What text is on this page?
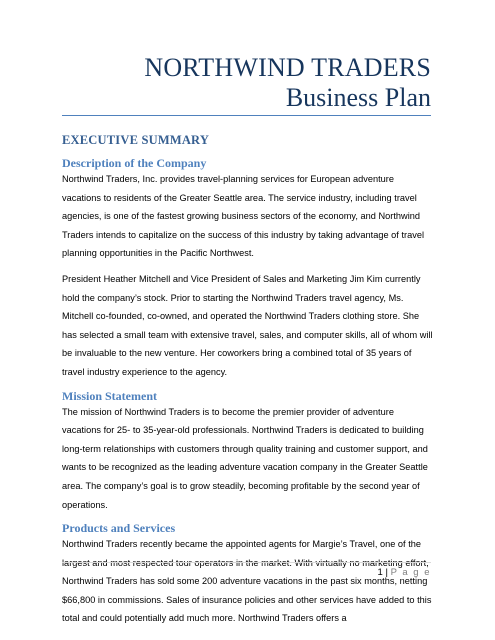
NORTHWIND TRADERS
Business Plan
EXECUTIVE SUMMARY
Description of the Company

Northwind Traders, Inc. provides travel-planning services for European adventure vacations to residents of the Greater Seattle area. The service industry, including travel agencies, is one of the fastest growing business sectors of the economy, and Northwind Traders intends to capitalize on the success of this industry by taking advantage of travel planning opportunities in the Pacific Northwest.

President Heather Mitchell and Vice President of Sales and Marketing Jim Kim currently hold the company’s stock. Prior to starting the Northwind Traders travel agency, Ms. Mitchell co-founded, co-owned, and operated the Northwind Traders clothing store. She has selected a small team with extensive travel, sales, and computer skills, all of whom will be invaluable to the new venture. Her coworkers bring a combined total of 35 years of travel industry experience to the agency.

Mission Statement

The mission of Northwind Traders is to become the premier provider of adventure vacations for 25- to 35-year-old professionals. Northwind Traders is dedicated to building long-term relationships with customers through quality training and customer support, and wants to be recognized as the leading adventure vacation company in the Greater Seattle area. The company’s goal is to grow steadily, becoming profitable by the second year of operations.

Products and Services

Northwind Traders recently became the appointed agents for Margie’s Travel, one of the largest and most respected tour operators in the market. With virtually no marketing effort, Northwind Traders has sold some 200 adventure vacations in the past six months, netting $66,800 in commissions. Sales of insurance policies and other services have added to this total and could potentially add much more. Northwind Traders offers a

1 | P a g e
